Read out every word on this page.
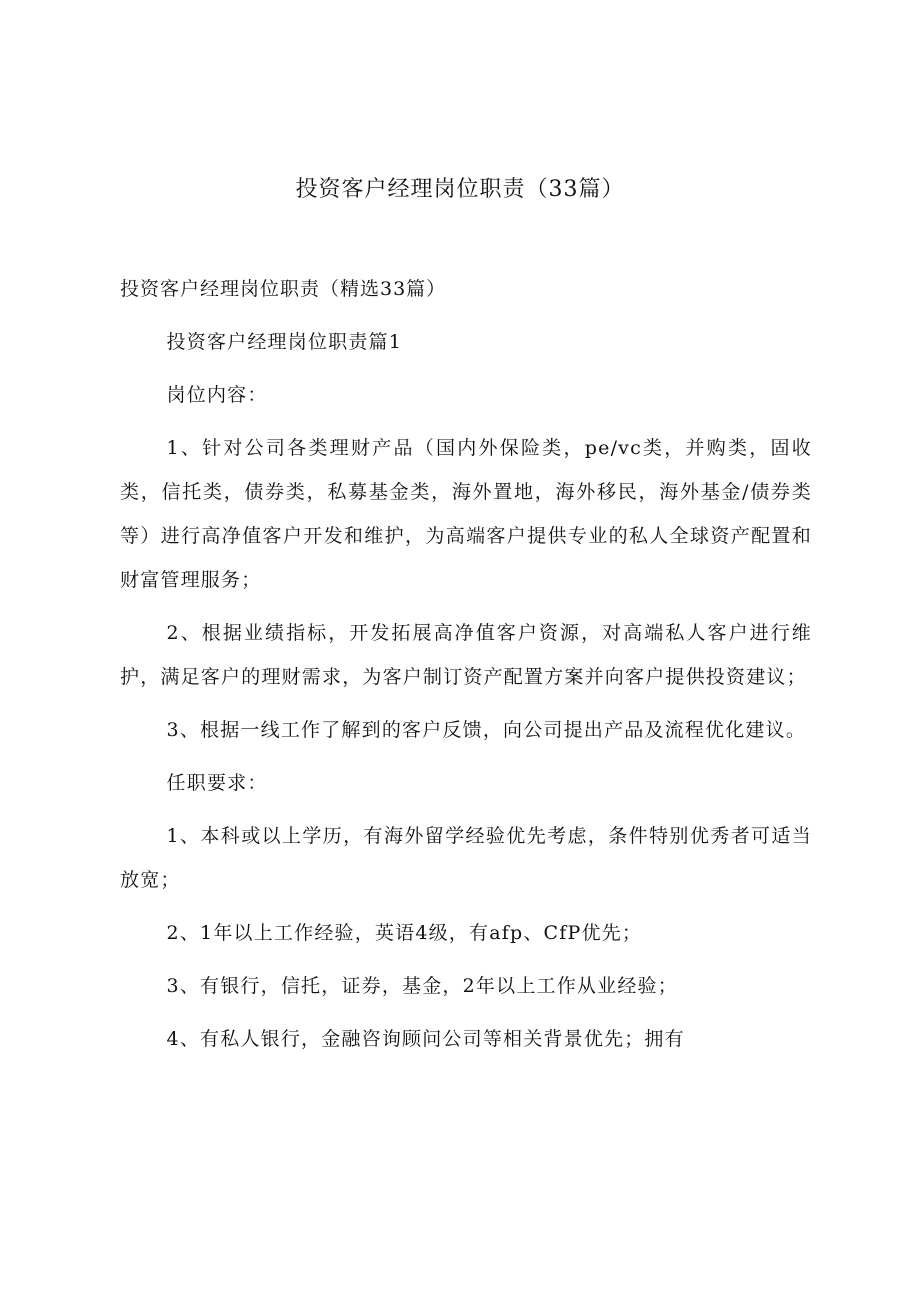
投资客户经理岗位职责（33篇）
投资客户经理岗位职责（精选33篇）

投资客户经理岗位职责篇1

岗位内容：

1、针对公司各类理财产品（国内外保险类，pe/vc类，并购类，固收类，信托类，债券类，私募基金类，海外置地，海外移民，海外基金/债券类等）进行高净值客户开发和维护，为高端客户提供专业的私人全球资产配置和财富管理服务；

2、根据业绩指标，开发拓展高净值客户资源，对高端私人客户进行维护，满足客户的理财需求，为客户制订资产配置方案并向客户提供投资建议；

3、根据一线工作了解到的客户反馈，向公司提出产品及流程优化建议。

任职要求：

1、本科或以上学历，有海外留学经验优先考虑，条件特别优秀者可适当放宽；

2、1年以上工作经验，英语4级，有afp、CfP优先；

3、有银行，信托，证券，基金，2年以上工作从业经验；

4、有私人银行，金融咨询顾问公司等相关背景优先；拥有
